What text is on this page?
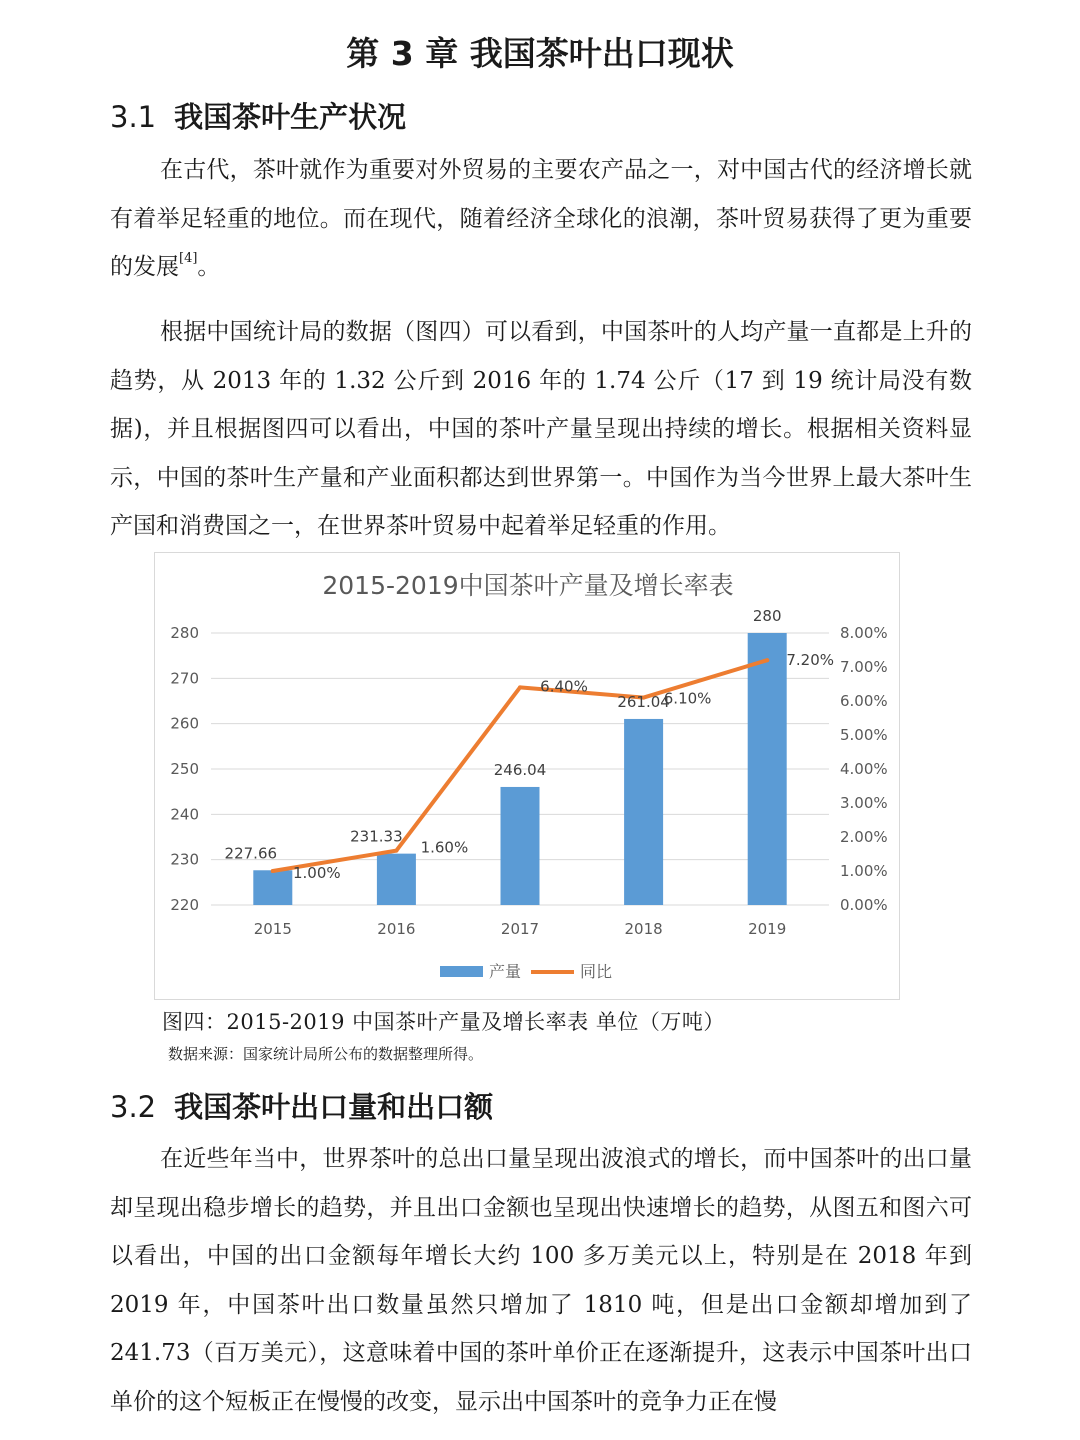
第 3 章 我国茶叶出口现状
3.1 我国茶叶生产状况

在古代，茶叶就作为重要对外贸易的主要农产品之一，对中国古代的经济增长就有着举足轻重的地位。而在现代，随着经济全球化的浪潮，茶叶贸易获得了更为重要的发展[4]。

根据中国统计局的数据（图四）可以看到，中国茶叶的人均产量一直都是上升的趋势，从 2013 年的 1.32 公斤到 2016 年的 1.74 公斤（17 到 19 统计局没有数据)，并且根据图四可以看出，中国的茶叶产量呈现出持续的增长。根据相关资料显示，中国的茶叶生产量和产业面积都达到世界第一。中国作为当今世界上最大茶叶生产国和消费国之一，在世界茶叶贸易中起着举足轻重的作用。

2015-2019中国茶叶产量及增长率表
220
230
240
250
260
270
280
0.00%
1.00%
2.00%
3.00%
4.00%
5.00%
6.00%
7.00%
8.00%
2015	2016	2017	2018	2019
227.66
231.33
246.04
261.04
280
1.00%
1.60%
6.40%
6.10%
7.20%
产量	同比

图四：2015-2019 中国茶叶产量及增长率表 单位（万吨）

数据来源：国家统计局所公布的数据整理所得。

3.2 我国茶叶出口量和出口额

在近些年当中，世界茶叶的总出口量呈现出波浪式的增长，而中国茶叶的出口量却呈现出稳步增长的趋势，并且出口金额也呈现出快速增长的趋势，从图五和图六可以看出，中国的出口金额每年增长大约 100 多万美元以上，特别是在 2018 年到 2019 年，中国茶叶出口数量虽然只增加了 1810 吨，但是出口金额却增加到了 241.73（百万美元），这意味着中国的茶叶单价正在逐渐提升，这表示中国茶叶出口单价的这个短板正在慢慢的改变，显示出中国茶叶的竞争力正在慢
